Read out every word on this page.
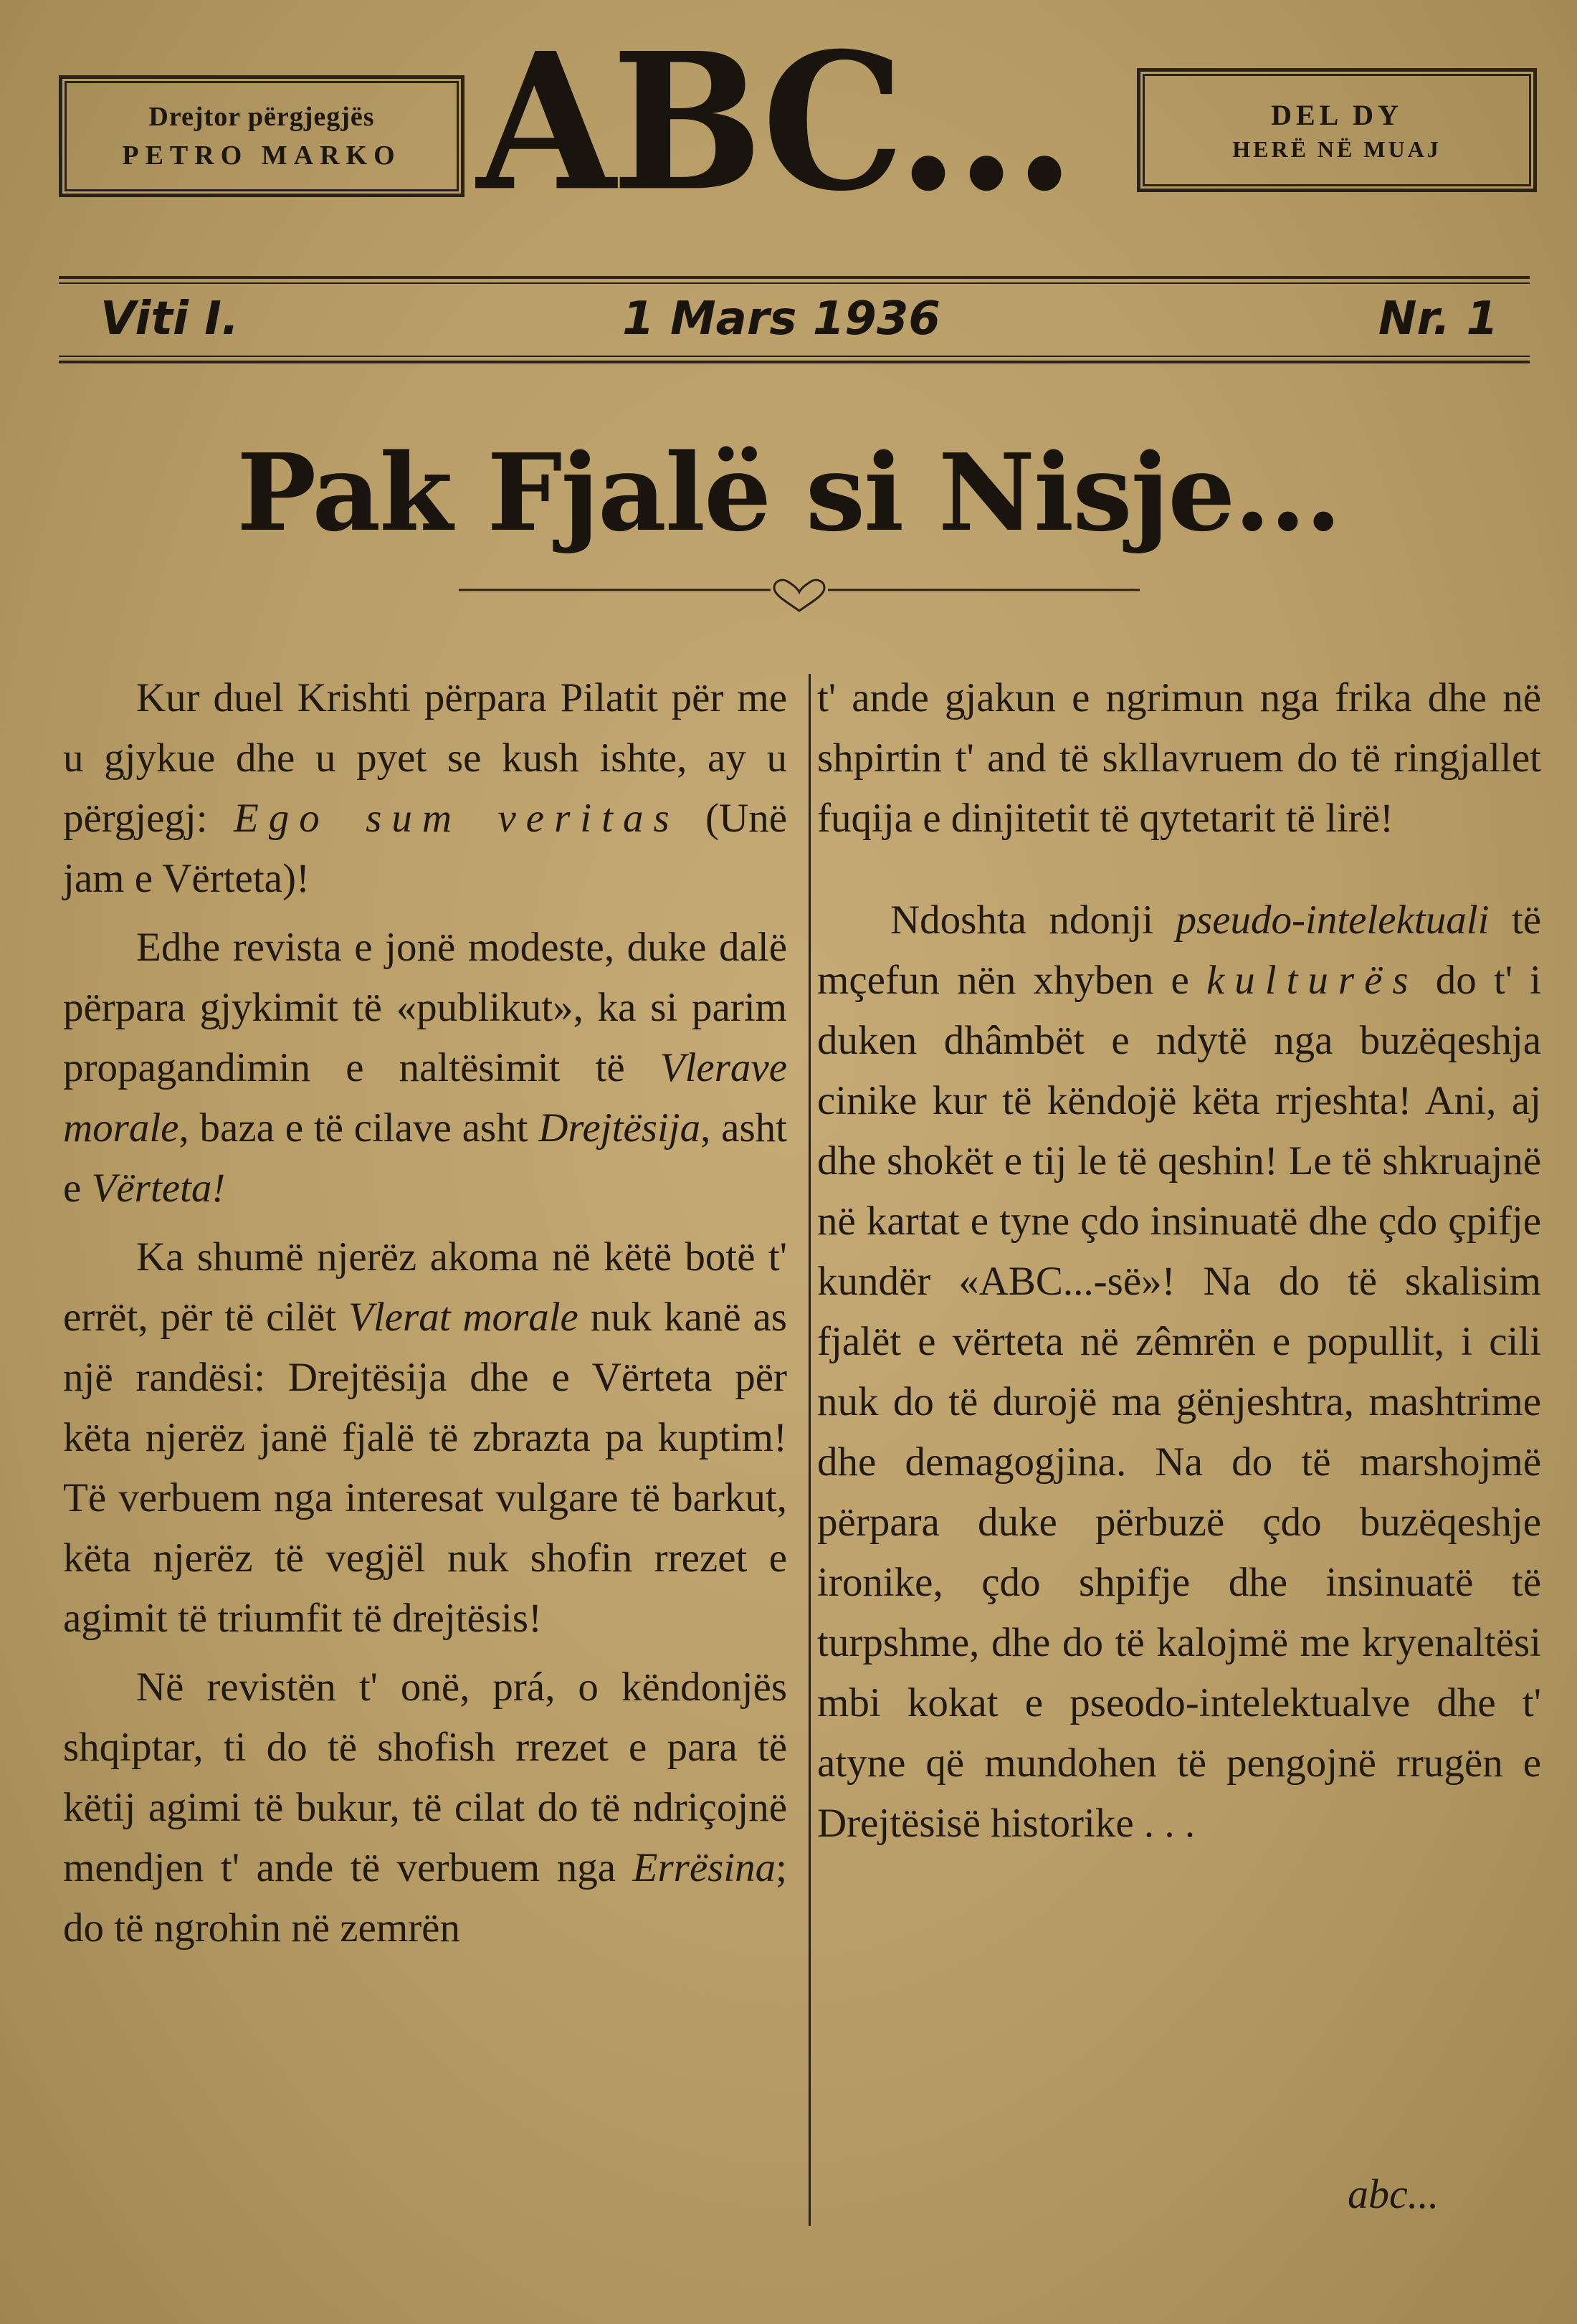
Drejtor përgjegjës
PETRO MARKO ABC...	DEL DY
HERË NË MUAJ
Viti I.	1 Mars 1936	Nr. 1
Pak Fjalë si Nisje...

Kur duel Krishti përpara Pilatit për me u gjykue dhe u pyet se kush ishte, ay u përgjegj: Ego sum veritas (Unë jam e Vërteta)!

Edhe revista e jonë modeste, duke dalë përpara gjykimit të «publikut», ka si parim propagandimin e naltësimit të Vlerave morale, baza e të cilave asht Drejtësija, asht e Vërteta!

Ka shumë njerëz akoma në këtë botë t' errët, për të cilët Vlerat morale nuk kanë as një randësi: Drejtësija dhe e Vërteta për këta njerëz janë fjalë të zbrazta pa kuptim! Të verbuem nga interesat vulgare të barkut, këta njerëz të vegjël nuk shofin rrezet e agimit të triumfit të drejtësis!

Në revistën t' onë, prá, o këndonjës shqiptar, ti do të shofish rrezet e para të këtij agimi të bukur, të cilat do të ndriçojnë mendjen t' ande të verbuem nga Errësina; do të ngrohin në zemrën

t' ande gjakun e ngrimun nga frika dhe në shpirtin t' and të skllavruem do të ringjallet fuqija e dinjitetit të qytetarit të lirë!

Ndoshta ndonji pseudo-intelektuali të mçefun nën xhyben e kulturës do t' i duken dhâmbët e ndytë nga buzëqeshja cinike kur të këndojë këta rrjeshta! Ani, aj dhe shokët e tij le të qeshin! Le të shkruajnë në kartat e tyne çdo insinuatë dhe çdo çpifje kundër «ABC...-së»! Na do të skalisim fjalët e vërteta në zêmrën e popullit, i cili nuk do të durojë ma gënjeshtra, mashtrime dhe demagogjina. Na do të marshojmë përpara duke përbuzë çdo buzëqeshje ironike, çdo shpifje dhe insinuatë të turpshme, dhe do të kalojmë me kryenaltësi mbi kokat e pseodo-intelektualve dhe t' atyne që mundohen të pengojnë rrugën e Drejtësisë historike . . .

abc...
